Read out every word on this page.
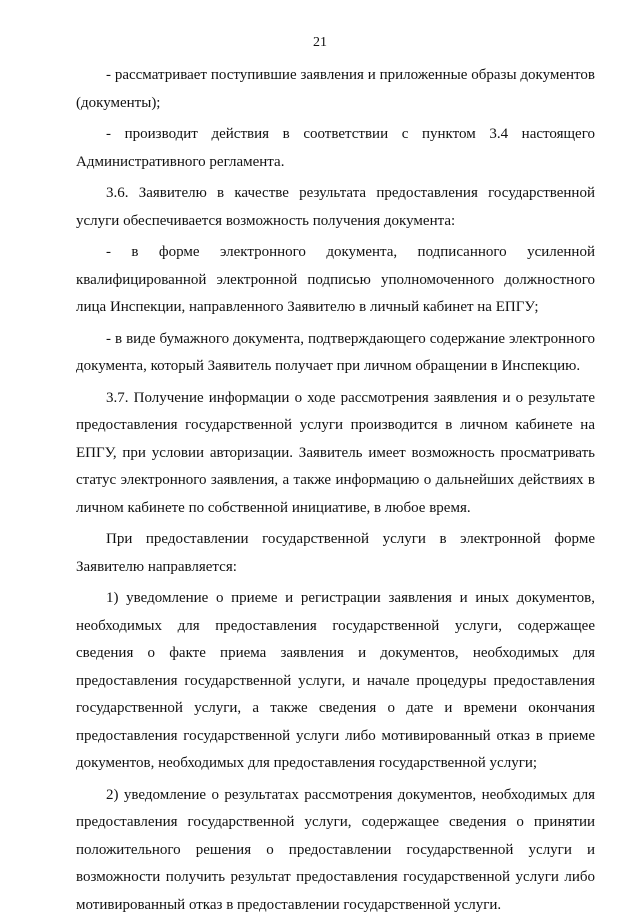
21

- рассматривает поступившие заявления и приложенные образы документов (документы);

- производит действия в соответствии с пунктом 3.4 настоящего Административного регламента.

3.6. Заявителю в качестве результата предоставления государственной услуги обеспечивается возможность получения документа:

- в форме электронного документа, подписанного усиленной квалифицированной электронной подписью уполномоченного должностного лица Инспекции, направленного Заявителю в личный кабинет на ЕПГУ;

- в виде бумажного документа, подтверждающего содержание электронного документа, который Заявитель получает при личном обращении в Инспекцию.

3.7. Получение информации о ходе рассмотрения заявления и о результате предоставления государственной услуги производится в личном кабинете на ЕПГУ, при условии авторизации. Заявитель имеет возможность просматривать статус электронного заявления, а также информацию о дальнейших действиях в личном кабинете по собственной инициативе, в любое время.

При предоставлении государственной услуги в электронной форме Заявителю направляется:

1) уведомление о приеме и регистрации заявления и иных документов, необходимых для предоставления государственной услуги, содержащее сведения о факте приема заявления и документов, необходимых для предоставления государственной услуги, и начале процедуры предоставления государственной услуги, а также сведения о дате и времени окончания предоставления государственной услуги либо мотивированный отказ в приеме документов, необходимых для предоставления государственной услуги;

2) уведомление о результатах рассмотрения документов, необходимых для предоставления государственной услуги, содержащее сведения о принятии положительного решения о предоставлении государственной услуги и возможности получить результат предоставления государственной услуги либо мотивированный отказ в предоставлении государственной услуги.
